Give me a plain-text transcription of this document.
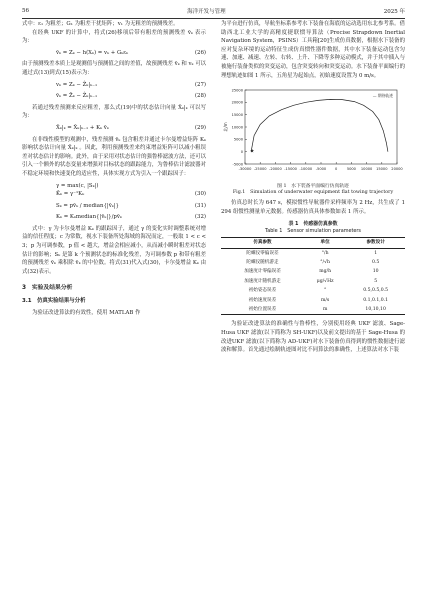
56	海洋开发与管理	2025 年

式中：ε₁ 为粗差；G₁ 为粗差干扰矩阵；v₁ 为无粗差的预测残差。

在经典 UKF 的计算中，将式(26)移项后带有粗差的预测残差 v̄ₖ 表示为：

v̄ₖ = Zₖ − h(Xₖ) = vₖ + Gₖεₖ	(26)

由于预测残差本质上是观测值与预测值之间的差值，故预测残差 v̄ₖ 和 vₖ 可以通过式(13)到式(15)表示为：

vₖ = Zₖ − Ẑₖ|ₖ₋₁	(27)
v̄ₖ = Z̄ₖ − Ẑₖ|ₖ₋₁	(28)

若通过残差预测来反应粗差，那么式(19)中的状态估计向量 X̂ₖ|ₖ 可以写为：

X̂ₖ|ₖ = X̂ₖ|ₖ₋₁ + Kₖ v̄ₖ	(29)

在非线性模型的观测中，残差预测 v̄ₖ 包含粗差并通过卡尔曼增益矩阵 Kₖ 影响状态估计向量 X̂ₖ|ₖ 。因此，利用预测残差来约束增益矩阵可以减小粗误差对状态估计的影响。此外，由于采用对状态估计的强鲁棒滤波方法，还可以引入一个额外的状态变量来增强对目标状态的跟踪能力，为鲁棒估计滤波器对不稳定环境和快速变化的适应性，具体实现方式为引入一个跟踪因子：

γ = max(c, |Sₖ|)
K̄ₖ = γ⁻¹Kₖ	(30)
Sₖ = pv̄ₖ / median{|v̄ₖ|}	(31)
Kₖ = Kₖmedian{|v̄ₖ|}/pv̄ₖ	(32)

式中：γ 为卡尔曼增益 Kₖ 的跟踪因子，通过 γ 的变化实时调整系统对增益的信任程度；c 为常数，视水下装备所处海域的海况而定，一般取 1 < c < 3；p 为可调参数，p 值 < 越大，增益会相应减小，从而减小瞬时粗差对状态估计的影响；Sₖ 是第 k 个预测状态的标准化残差，为可调参数 p 和带有粗差的预测残差 v̄ₖ 乘积除 v̄ₖ 的中位数。将式(31)代入式(30)，卡尔曼增益 Kₖ 由式(32)表示。

3　实验及结果分析
3.1　仿真实验结果与分析

为验证改进算法的有效性，使用 MATLAB 作

为平台进行仿真，导航坐标系参考水下装备在海底的运动选用东北参考系。借助西北工业大学的高精度捷联惯导算法（Precise Strapdown Inertial Navigation System，PSINS）工具箱[20]生成仿真数据，根据水下装备的应对复杂环境的运动特征生成仿真惯性器件数据，其中水下装备运动包含匀速、加速、减速、左转、右转、上升、下降等多种运动模式，并于其中插入与被施行装备类似的突变运动，包含突变转向和突变运动。水下装备平面编行的理想轨迹如图 1 所示，五角星为起始点，初始速度设置为 0 m/s。

-30000 -25000 -20000 -15000 -10000 -5000 0	5000 10000 15000 20000
-5000
0
5000
10000
15000
20000
25000
北/m
★
— 期待轨迹
图 1　水下装备平面编行仿真轨迹
Fig.1　Simulation of underwater equipment flat towing trajectory

仿真总时长为 647 s，模拟惯性导航器件采样频率为 2 Hz，共生成了 1 294 组惯性测量单元数据。传感器仿真具体参数如表 1 所示。

表 1　传感器仿真参数
Table 1　Sensor simulation parameters
仿真参数	单位	参数设计
陀螺仪零偏误差	°/h	1
陀螺仪随机游走	°/√h	0.5
加速度计零偏误差	mg/h	10
加速度计随机游走	μg/√Hz	5
初始姿态误差	°	0.5,0.5,0.5
初始速度误差	m/s	0.1,0.1,0.1
初始位置误差	m	10,10,10

为验证改进算法的准确性与鲁棒性，分别使用经典 UKF 滤波、Sage-Husa UKF 滤波(以下简称为 SH-UKF)以及前文提出的基于 Sage-Husa 的改进UKF 滤波(以下简称为 AD-UKF)对水下装备仿真得到的惯性数据进行滤波和解算。首先通过绘制轨迹图对比不同算法的准确性，上述算法对水下装
